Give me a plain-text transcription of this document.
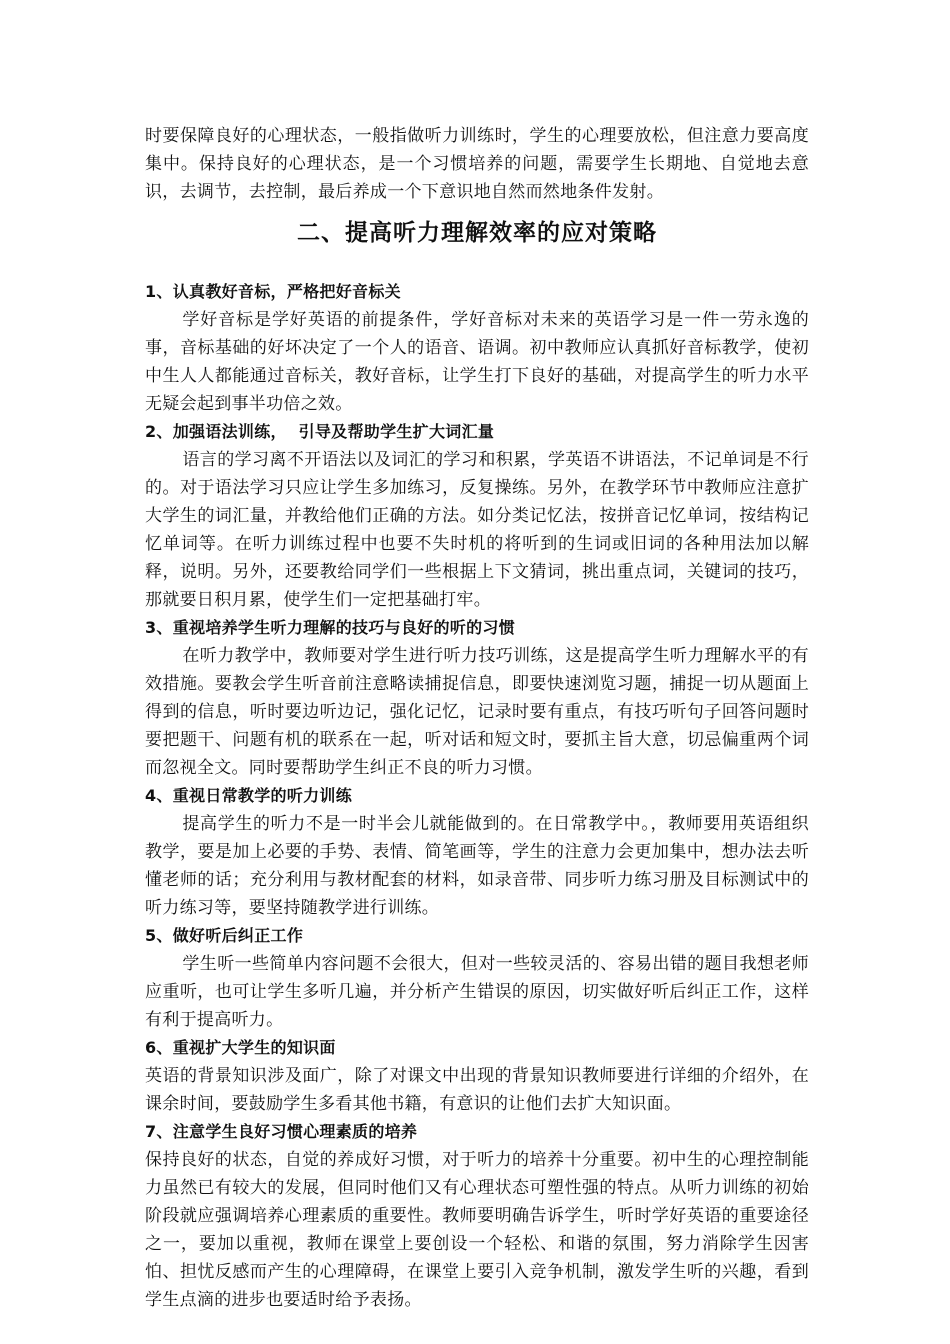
时要保障良好的心理状态，一般指做听力训练时，学生的心理要放松，但注意力要高度集中。保持良好的心理状态，是一个习惯培养的问题，需要学生长期地、自觉地去意识，去调节，去控制，最后养成一个下意识地自然而然地条件发射。

二、提高听力理解效率的应对策略
1、认真教好音标，严格把好音标关

学好音标是学好英语的前提条件，学好音标对未来的英语学习是一件一劳永逸的事，音标基础的好坏决定了一个人的语音、语调。初中教师应认真抓好音标教学，使初中生人人都能通过音标关，教好音标，让学生打下良好的基础，对提高学生的听力水平无疑会起到事半功倍之效。

2、加强语法训练，  引导及帮助学生扩大词汇量

语言的学习离不开语法以及词汇的学习和积累，学英语不讲语法，不记单词是不行的。对于语法学习只应让学生多加练习，反复操练。另外，在教学环节中教师应注意扩大学生的词汇量，并教给他们正确的方法。如分类记忆法，按拼音记忆单词，按结构记忆单词等。在听力训练过程中也要不失时机的将听到的生词或旧词的各种用法加以解释，说明。另外，还要教给同学们一些根据上下文猜词，挑出重点词，关键词的技巧，那就要日积月累，使学生们一定把基础打牢。

3、重视培养学生听力理解的技巧与良好的听的习惯

在听力教学中，教师要对学生进行听力技巧训练，这是提高学生听力理解水平的有效措施。要教会学生听音前注意略读捕捉信息，即要快速浏览习题，捕捉一切从题面上得到的信息，听时要边听边记，强化记忆，记录时要有重点，有技巧听句子回答问题时要把题干、问题有机的联系在一起，听对话和短文时，要抓主旨大意，切忌偏重两个词而忽视全文。同时要帮助学生纠正不良的听力习惯。

4、重视日常教学的听力训练

提高学生的听力不是一时半会儿就能做到的。在日常教学中。，教师要用英语组织教学，要是加上必要的手势、表情、简笔画等，学生的注意力会更加集中，想办法去听懂老师的话；充分利用与教材配套的材料，如录音带、同步听力练习册及目标测试中的听力练习等，要坚持随教学进行训练。

5、做好听后纠正工作

学生听一些简单内容问题不会很大，但对一些较灵活的、容易出错的题目我想老师应重听，也可让学生多听几遍，并分析产生错误的原因，切实做好听后纠正工作，这样有利于提高听力。

6、重视扩大学生的知识面

英语的背景知识涉及面广，除了对课文中出现的背景知识教师要进行详细的介绍外，在课余时间，要鼓励学生多看其他书籍，有意识的让他们去扩大知识面。

7、注意学生良好习惯心理素质的培养

保持良好的状态，自觉的养成好习惯，对于听力的培养十分重要。初中生的心理控制能力虽然已有较大的发展，但同时他们又有心理状态可塑性强的特点。从听力训练的初始阶段就应强调培养心理素质的重要性。教师要明确告诉学生，听时学好英语的重要途径之一，要加以重视，教师在课堂上要创设一个轻松、和谐的氛围，努力消除学生因害怕、担忧反感而产生的心理障碍，在课堂上要引入竞争机制，激发学生听的兴趣，看到学生点滴的进步也要适时给予表扬。
